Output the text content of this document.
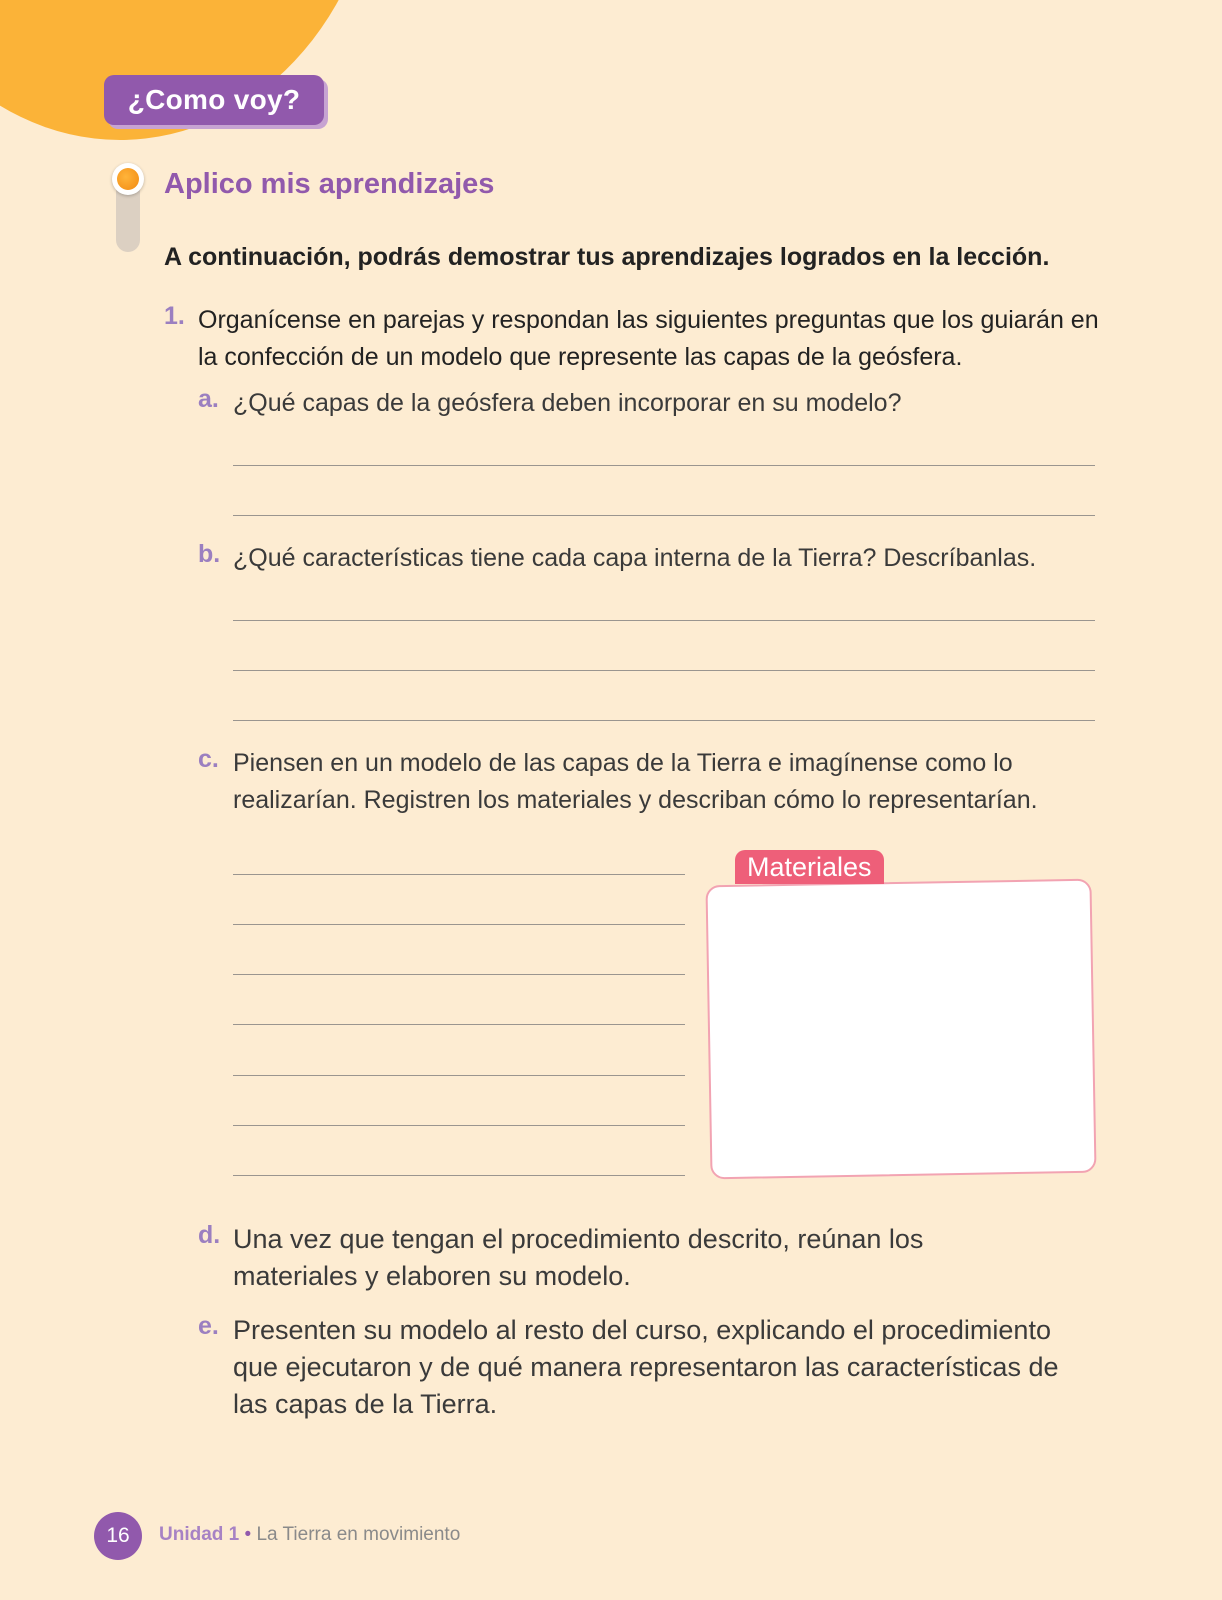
¿Como voy?
Aplico mis aprendizajes
A continuación, podrás demostrar tus aprendizajes logrados en la lección.
1. Organícense en parejas y respondan las siguientes preguntas que los guiarán en la confección de un modelo que represente las capas de la geósfera.
a. ¿Qué capas de la geósfera deben incorporar en su modelo?
b. ¿Qué características tiene cada capa interna de la Tierra? Descríbanlas.
c. Piensen en un modelo de las capas de la Tierra e imagínense como lo realizarían. Registren los materiales y describan cómo lo representarían.
Materiales
d. Una vez que tengan el procedimiento descrito, reúnan los materiales y elaboren su modelo.
e. Presenten su modelo al resto del curso, explicando el procedimiento que ejecutaron y de qué manera representaron las características de las capas de la Tierra.
16 Unidad 1 • La Tierra en movimiento
